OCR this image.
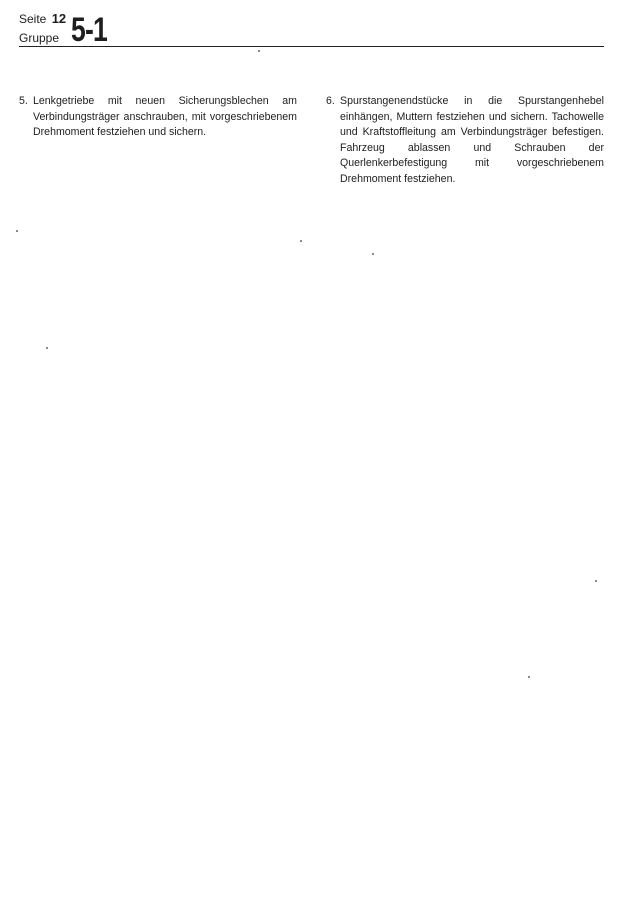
Seite 12
Gruppe 5-1
5. Lenkgetriebe mit neuen Sicherungsblechen am Verbindungsträger anschrauben, mit vorgeschriebenem Drehmoment festziehen und sichern.
6. Spurstangenendstücke in die Spurstangenhebel einhängen, Muttern festziehen und sichern. Tachowelle und Kraftstoffleitung am Verbindungsträger befestigen. Fahrzeug ablassen und Schrauben der Querlenkerbefestigung mit vorgeschriebenem Drehmoment festziehen.
